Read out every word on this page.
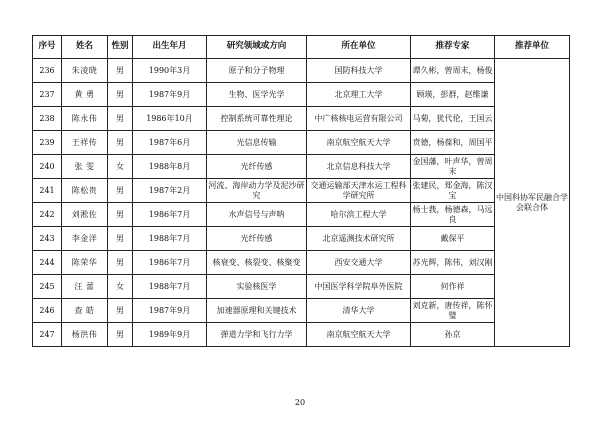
序号	姓名	性别	出生年月	研究领域或方向	所在单位	推荐专家	推荐单位
236	朱凌晓	男	1990年3月	原子和分子物理	国防科技大学	谭久彬，曾周末，杨俊	中国科协军民融合学会联合体
237	黄 勇	男	1987年9月	生物、医学光学	北京理工大学	顾瑛，彭群，赵维谦	
238	陈永伟	男	1986年10月	控制系统可靠性理论	中广核核电运营有限公司	马菊，犹代伦，王国云	
239	王祥传	男	1987年6月	光信息传输	南京航空航天大学	贲德，杨葆和，周国平	
240	张 雯	女	1988年8月	光纤传感	北京信息科技大学	金国藩，叶声华，曾周末	
241	陈松贵	男	1987年2月	河流、海岸动力学及泥沙研究	交通运输部天津水运工程科学研究所	张建民，郑金海，陈汉宝	
242	刘淞佐	男	1986年7月	水声信号与声呐	哈尔滨工程大学	杨士莪，杨德森，马远良	
243	李金洋	男	1988年7月	光纤传感	北京遥测技术研究所	戴保平	
244	陈荣华	男	1986年7月	核衰变、核裂变、核聚变	西安交通大学	苏光辉，陈伟，刘汉刚	
245	汪 蕾	女	1988年7月	实验核医学	中国医学科学院阜外医院	何作祥	
246	查 皓	男	1987年9月	加速器原理和关键技术	清华大学	刘克新，唐传祥，陈怀璧	
247	杨洪伟	男	1989年9月	弹道力学和飞行力学	南京航空航天大学	孙京	
20
